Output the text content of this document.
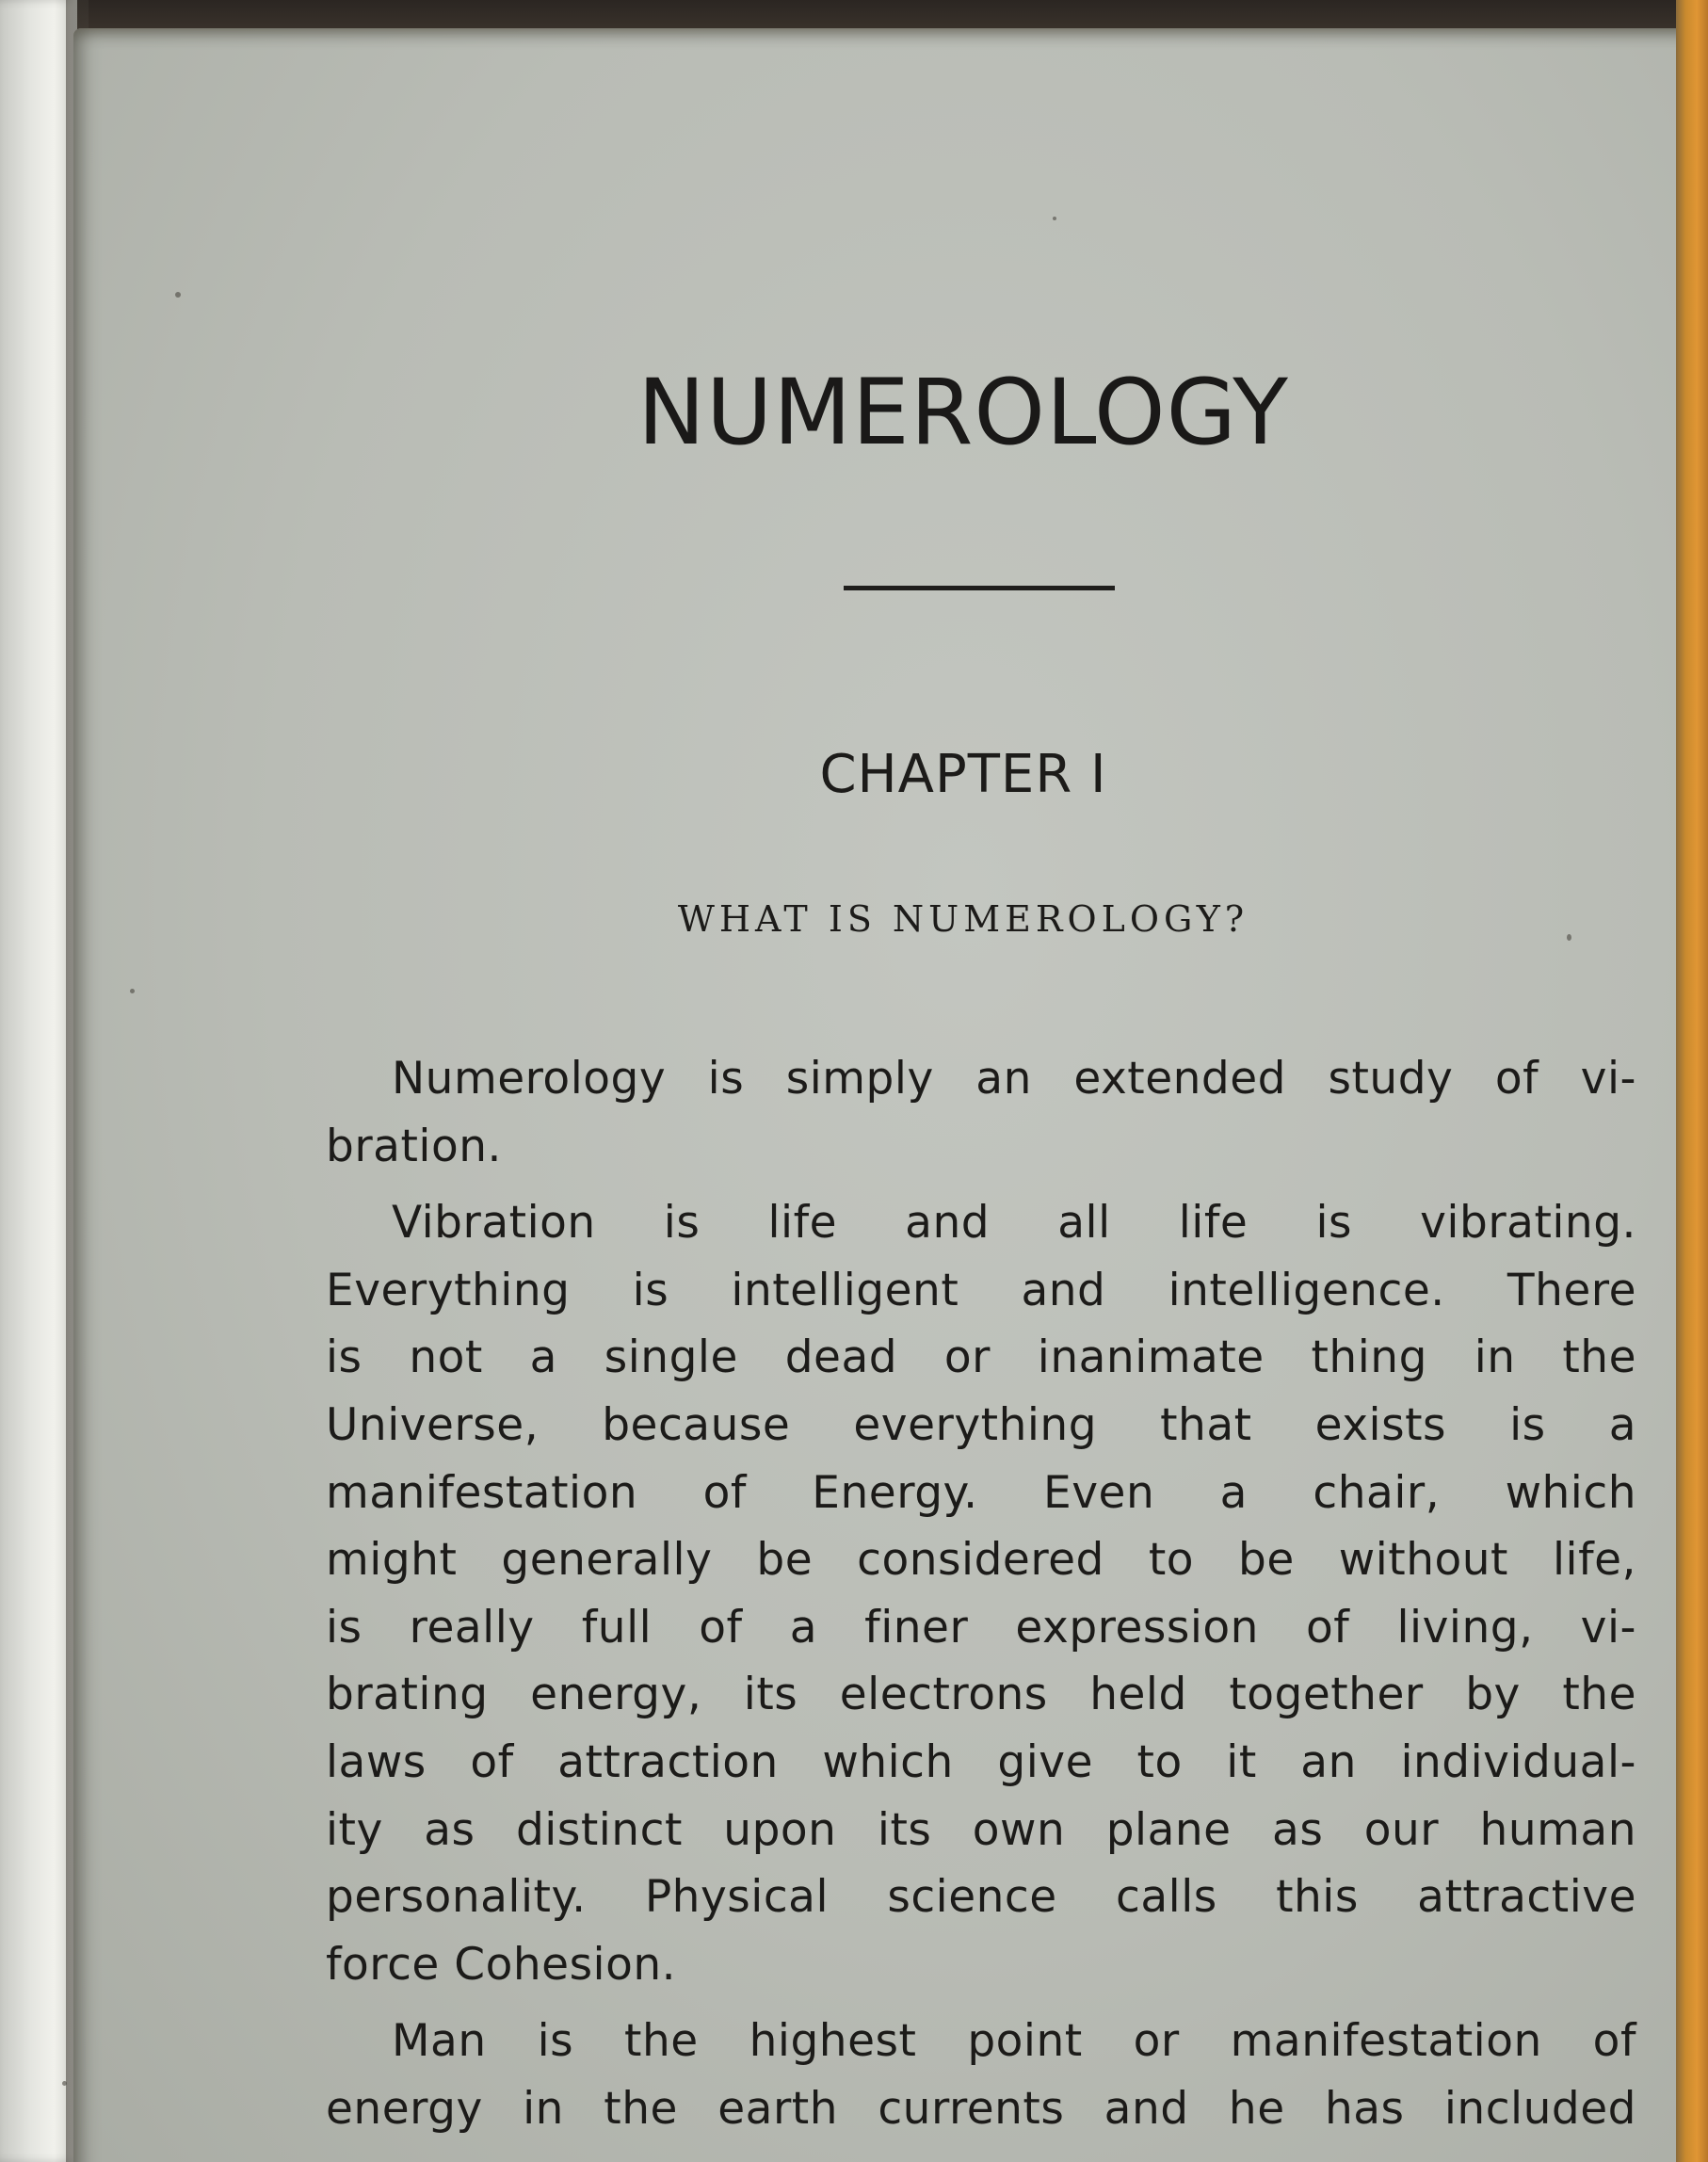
NUMEROLOGY
CHAPTER I
WHAT IS NUMEROLOGY?
Numerology is simply an extended study of vi-
bration.
Vibration is life and all life is vibrating.
Everything is intelligent and intelligence. There
is not a single dead or inanimate thing in the
Universe, because everything that exists is a
manifestation of Energy. Even a chair, which
might generally be considered to be without life,
is really full of a finer expression of living, vi-
brating energy, its electrons held together by the
laws of attraction which give to it an individual-
ity as distinct upon its own plane as our human
personality. Physical science calls this attractive
force Cohesion.
Man is the highest point or manifestation of
energy in the earth currents and he has included
